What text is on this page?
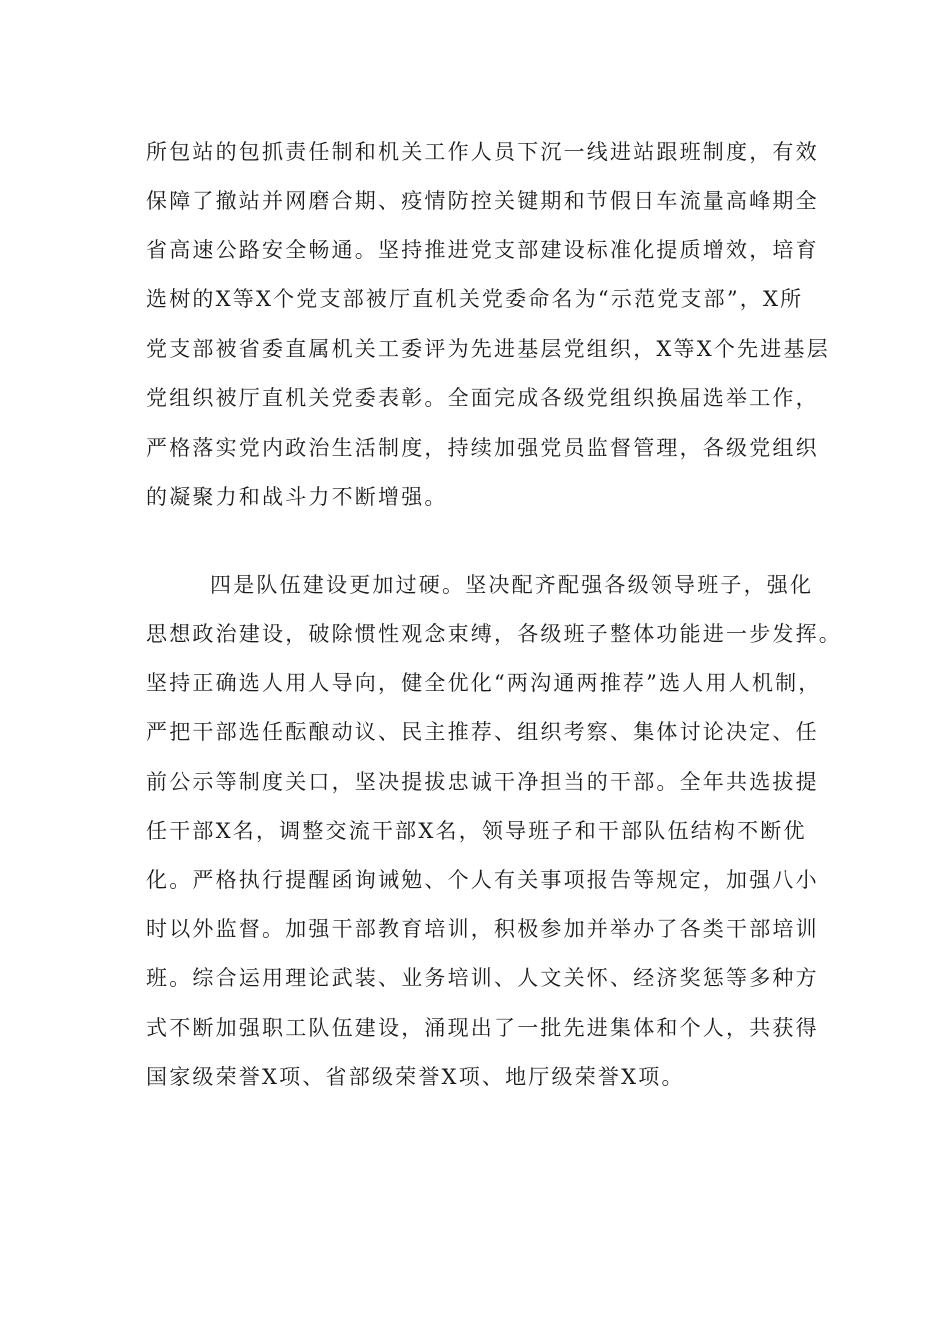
所包站的包抓责任制和机关工作人员下沉一线进站跟班制度，有效
保障了撤站并网磨合期、疫情防控关键期和节假日车流量高峰期全
省高速公路安全畅通。坚持推进党支部建设标准化提质增效，培育
选树的X等X个党支部被厅直机关党委命名为“示范党支部”，X所
党支部被省委直属机关工委评为先进基层党组织，X等X个先进基层
党组织被厅直机关党委表彰。全面完成各级党组织换届选举工作，
严格落实党内政治生活制度，持续加强党员监督管理，各级党组织
的凝聚力和战斗力不断增强。
四是队伍建设更加过硬。坚决配齐配强各级领导班子，强化
思想政治建设，破除惯性观念束缚，各级班子整体功能进一步发挥。
坚持正确选人用人导向，健全优化“两沟通两推荐”选人用人机制，
严把干部选任酝酿动议、民主推荐、组织考察、集体讨论决定、任
前公示等制度关口，坚决提拔忠诚干净担当的干部。全年共选拔提
任干部X名，调整交流干部X名，领导班子和干部队伍结构不断优
化。严格执行提醒函询诫勉、个人有关事项报告等规定，加强八小
时以外监督。加强干部教育培训，积极参加并举办了各类干部培训
班。综合运用理论武装、业务培训、人文关怀、经济奖惩等多种方
式不断加强职工队伍建设，涌现出了一批先进集体和个人，共获得
国家级荣誉X项、省部级荣誉X项、地厅级荣誉X项。
